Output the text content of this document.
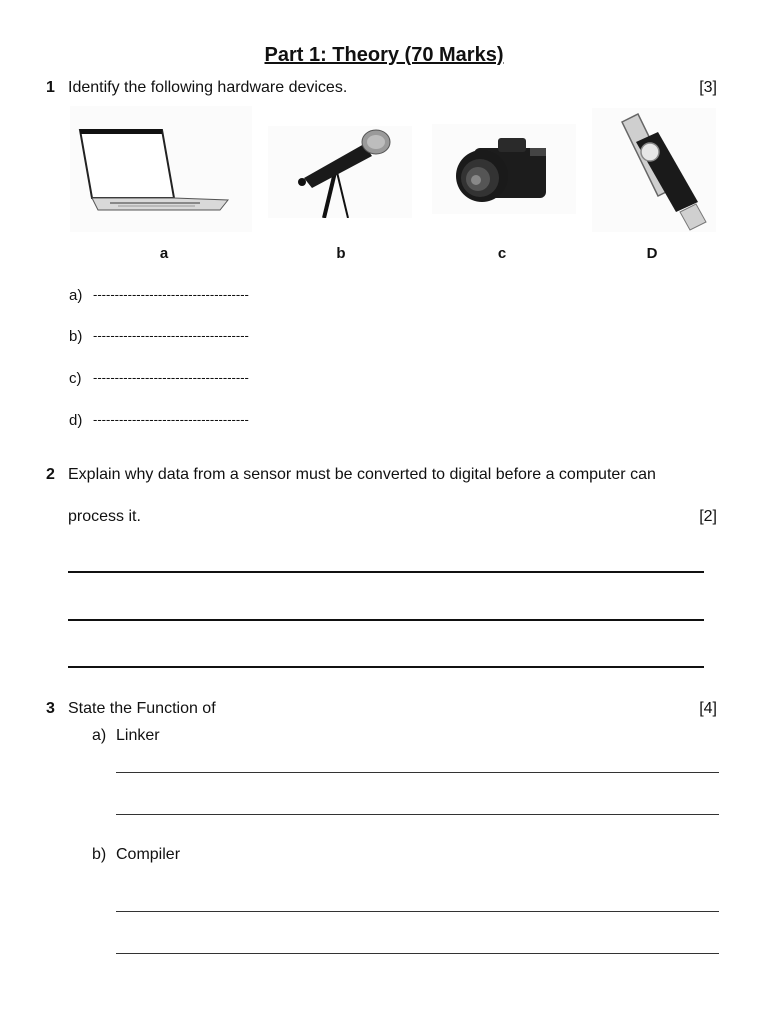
Part 1: Theory (70 Marks)
1 Identify the following hardware devices.	[3]
a	b	c	D
a) ------------------------------------
b) ------------------------------------
c) ------------------------------------
d) ------------------------------------
2 Explain why data from a sensor must be converted to digital before a computer can
process it.	[2]
3 State the Function of	[4]
a) Linker
b) Compiler
